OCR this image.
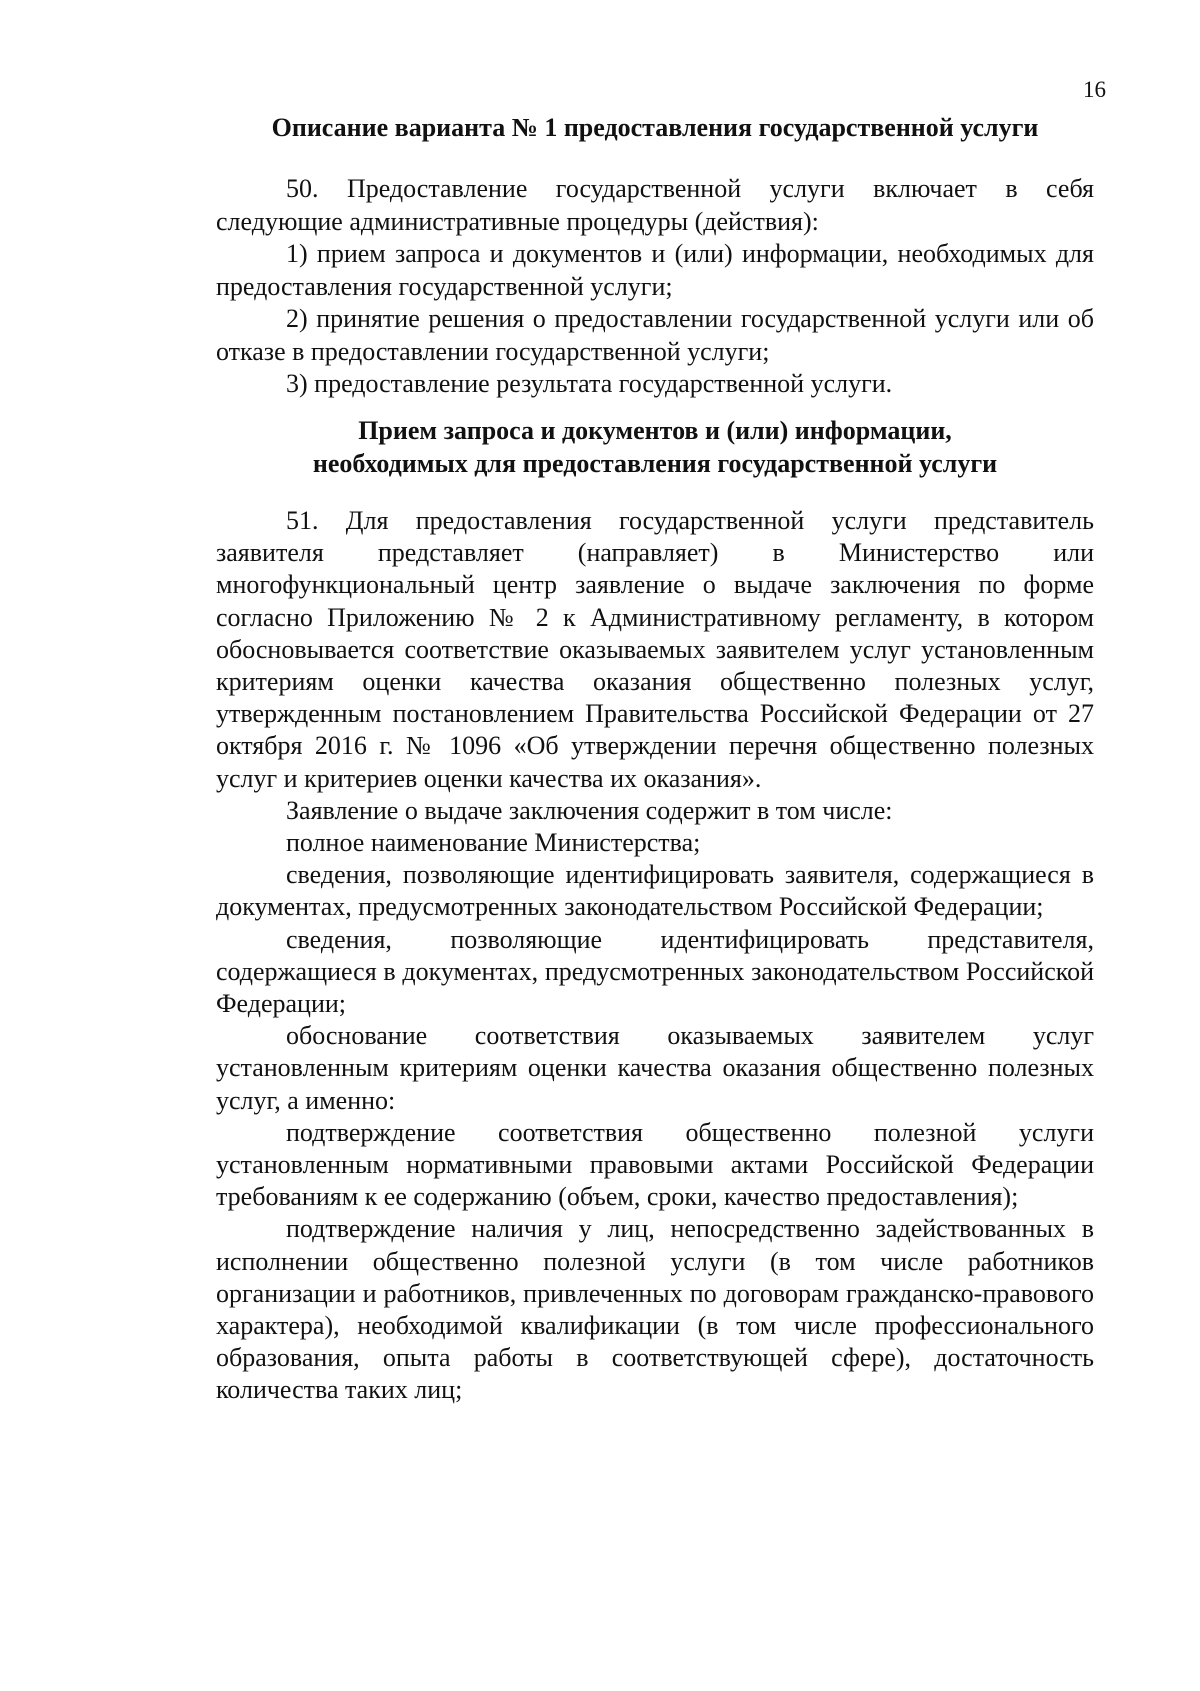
16
Описание варианта № 1 предоставления государственной услуги

50. Предоставление государственной услуги включает в себя следующие административные процедуры (действия):

1) прием запроса и документов и (или) информации, необходимых для предоставления государственной услуги;

2) принятие решения о предоставлении государственной услуги или об отказе в предоставлении государственной услуги;

3) предоставление результата государственной услуги.

Прием запроса и документов и (или) информации,
необходимых для предоставления государственной услуги

51. Для предоставления государственной услуги представитель заявителя представляет (направляет) в Министерство или многофункциональный центр заявление о выдаче заключения по форме согласно Приложению № 2 к Административному регламенту, в котором обосновывается соответствие оказываемых заявителем услуг установленным критериям оценки качества оказания общественно полезных услуг, утвержденным постановлением Правительства Российской Федерации от 27 октября 2016 г. № 1096 «Об утверждении перечня общественно полезных услуг и критериев оценки качества их оказания».

Заявление о выдаче заключения содержит в том числе:

полное наименование Министерства;

сведения, позволяющие идентифицировать заявителя, содержащиеся в документах, предусмотренных законодательством Российской Федерации;

сведения, позволяющие идентифицировать представителя, содержащиеся в документах, предусмотренных законодательством Российской Федерации;

обоснование соответствия оказываемых заявителем услуг установленным критериям оценки качества оказания общественно полезных услуг, а именно:

подтверждение соответствия общественно полезной услуги установленным нормативными правовыми актами Российской Федерации требованиям к ее содержанию (объем, сроки, качество предоставления);

подтверждение наличия у лиц, непосредственно задействованных в исполнении общественно полезной услуги (в том числе работников организации и работников, привлеченных по договорам гражданско-правового характера), необходимой квалификации (в том числе профессионального образования, опыта работы в соответствующей сфере), достаточность количества таких лиц;
